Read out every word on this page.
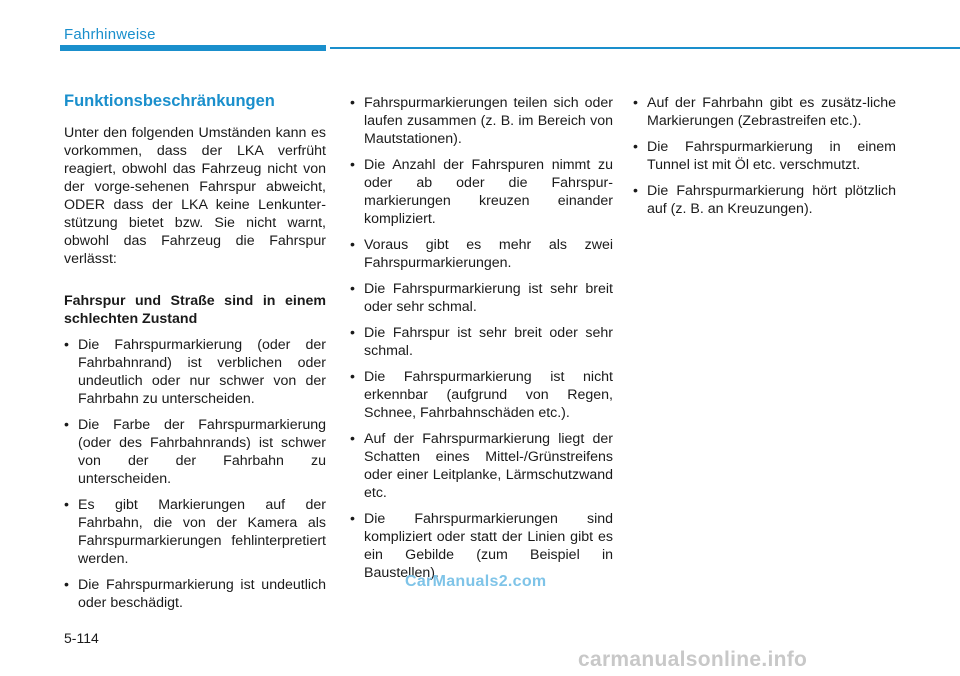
Fahrhinweise
Funktionsbeschränkungen
Unter den folgenden Umständen kann es vorkommen, dass der LKA verfrüht reagiert, obwohl das Fahrzeug nicht von der vorge-sehenen Fahrspur abweicht, ODER dass der LKA keine Lenkunter-stützung bietet bzw. Sie nicht warnt, obwohl das Fahrzeug die Fahrspur verlässt:
Fahrspur und Straße sind in einem schlechten Zustand
• Die Fahrspurmarkierung (oder der Fahrbahnrand) ist verblichen oder undeutlich oder nur schwer von der Fahrbahn zu unterscheiden.
• Die Farbe der Fahrspurmarkierung (oder des Fahrbahnrands) ist schwer von der der Fahrbahn zu unterscheiden.
• Es gibt Markierungen auf der Fahrbahn, die von der Kamera als Fahrspurmarkierungen fehlinterpretiert werden.
• Die Fahrspurmarkierung ist undeutlich oder beschädigt.
• Fahrspurmarkierungen teilen sich oder laufen zusammen (z. B. im Bereich von Mautstationen).
• Die Anzahl der Fahrspuren nimmt zu oder ab oder die Fahrspur-markierungen kreuzen einander kompliziert.
• Voraus gibt es mehr als zwei Fahrspurmarkierungen.
• Die Fahrspurmarkierung ist sehr breit oder sehr schmal.
• Die Fahrspur ist sehr breit oder sehr schmal.
• Die Fahrspurmarkierung ist nicht erkennbar (aufgrund von Regen, Schnee, Fahrbahnschäden etc.).
• Auf der Fahrspurmarkierung liegt der Schatten eines Mittel-/Grünstreifens oder einer Leitplanke, Lärmschutzwand etc.
• Die Fahrspurmarkierungen sind kompliziert oder statt der Linien gibt es ein Gebilde (zum Beispiel in Baustellen).
• Auf der Fahrbahn gibt es zusätz-liche Markierungen (Zebrastreifen etc.).
• Die Fahrspurmarkierung in einem Tunnel ist mit Öl etc. verschmutzt.
• Die Fahrspurmarkierung hört plötzlich auf (z. B. an Kreuzungen).
5-114
CarManuals2.com
carmanualsonline.info
